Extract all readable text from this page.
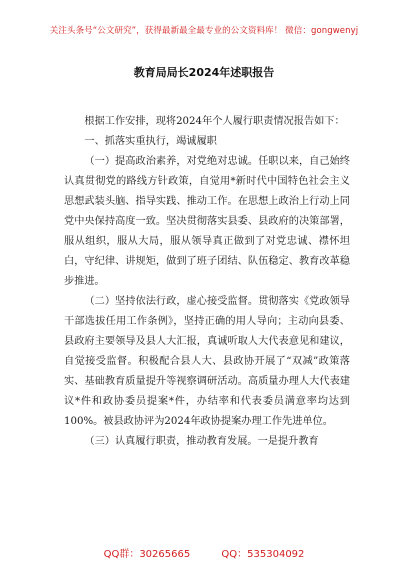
关注头条号“公文研究”，获得最新最全最专业的公文资料库！ 微信：gongwenyj
教育局局长2024年述职报告

根据工作安排，现将2024年个人履行职责情况报告如下：

一、抓落实重执行，竭诚履职

（一）提高政治素养，对党绝对忠诚。任职以来，自己始终认真贯彻党的路线方针政策，自觉用*新时代中国特色社会主义思想武装头脑、指导实践、推动工作。在思想上政治上行动上同党中央保持高度一致。坚决贯彻落实县委、县政府的决策部署，服从组织，服从大局，服从领导真正做到了对党忠诚、襟怀坦白，守纪律、讲规矩，做到了班子团结、队伍稳定、教育改革稳步推进。

（二）坚持依法行政，虚心接受监督。贯彻落实《党政领导干部选拔任用工作条例》，坚持正确的用人导向；主动向县委、县政府主要领导及县人大汇报，真诚听取人大代表意见和建议，自觉接受监督。积极配合县人大、县政协开展了“双减”政策落实、基础教育质量提升等视察调研活动。高质量办理人大代表建议*件和政协委员提案*件，办结率和代表委员满意率均达到100%。被县政协评为2024年政协提案办理工作先进单位。

（三）认真履行职责，推动教育发展。一是提升教育

QQ群：30265665	QQ：535304092
